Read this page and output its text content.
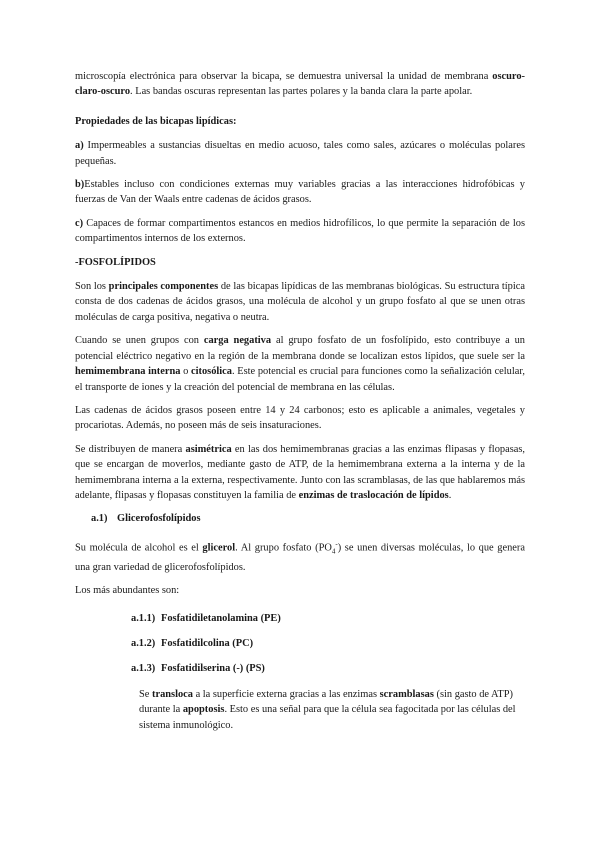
microscopía electrónica para observar la bicapa, se demuestra universal la unidad de membrana oscuro-claro-oscuro. Las bandas oscuras representan las partes polares y la banda clara la parte apolar.

Propiedades de las bicapas lipídicas:

a) Impermeables a sustancias disueltas en medio acuoso, tales como sales, azúcares o moléculas polares pequeñas.

b)Estables incluso con condiciones externas muy variables gracias a las interacciones hidrofóbicas y fuerzas de Van der Waals entre cadenas de ácidos grasos.

c) Capaces de formar compartimentos estancos en medios hidrofílicos, lo que permite la separación de los compartimentos internos de los externos.

-FOSFOLÍPIDOS

Son los principales componentes de las bicapas lipídicas de las membranas biológicas. Su estructura típica consta de dos cadenas de ácidos grasos, una molécula de alcohol y un grupo fosfato al que se unen otras moléculas de carga positiva, negativa o neutra.

Cuando se unen grupos con carga negativa al grupo fosfato de un fosfolípido, esto contribuye a un potencial eléctrico negativo en la región de la membrana donde se localizan estos lípidos, que suele ser la hemimembrana interna o citosólica. Este potencial es crucial para funciones como la señalización celular, el transporte de iones y la creación del potencial de membrana en las células.

Las cadenas de ácidos grasos poseen entre 14 y 24 carbonos; esto es aplicable a animales, vegetales y procariotas. Además, no poseen más de seis insaturaciones.

Se distribuyen de manera asimétrica en las dos hemimembranas gracias a las enzimas flipasas y flopasas, que se encargan de moverlos, mediante gasto de ATP, de la hemimembrana externa a la interna y de la hemimembrana interna a la externa, respectivamente. Junto con las scramblasas, de las que hablaremos más adelante, flipasas y flopasas constituyen la familia de enzimas de traslocación de lípidos.

a.1) Glicerofosfolípidos

Su molécula de alcohol es el glicerol. Al grupo fosfato $(PO_4^-)$ se unen diversas moléculas, lo que genera una gran variedad de glicerofosfolípidos.

Los más abundantes son:

a.1.1) Fosfatidiletanolamina (PE)

a.1.2) Fosfatidilcolina (PC)

a.1.3) Fosfatidilserina (-) (PS)

Se transloca a la superficie externa gracias a las enzimas scramblasas (sin gasto de ATP) durante la apoptosis. Esto es una señal para que la célula sea fagocitada por las células del sistema inmunológico.
